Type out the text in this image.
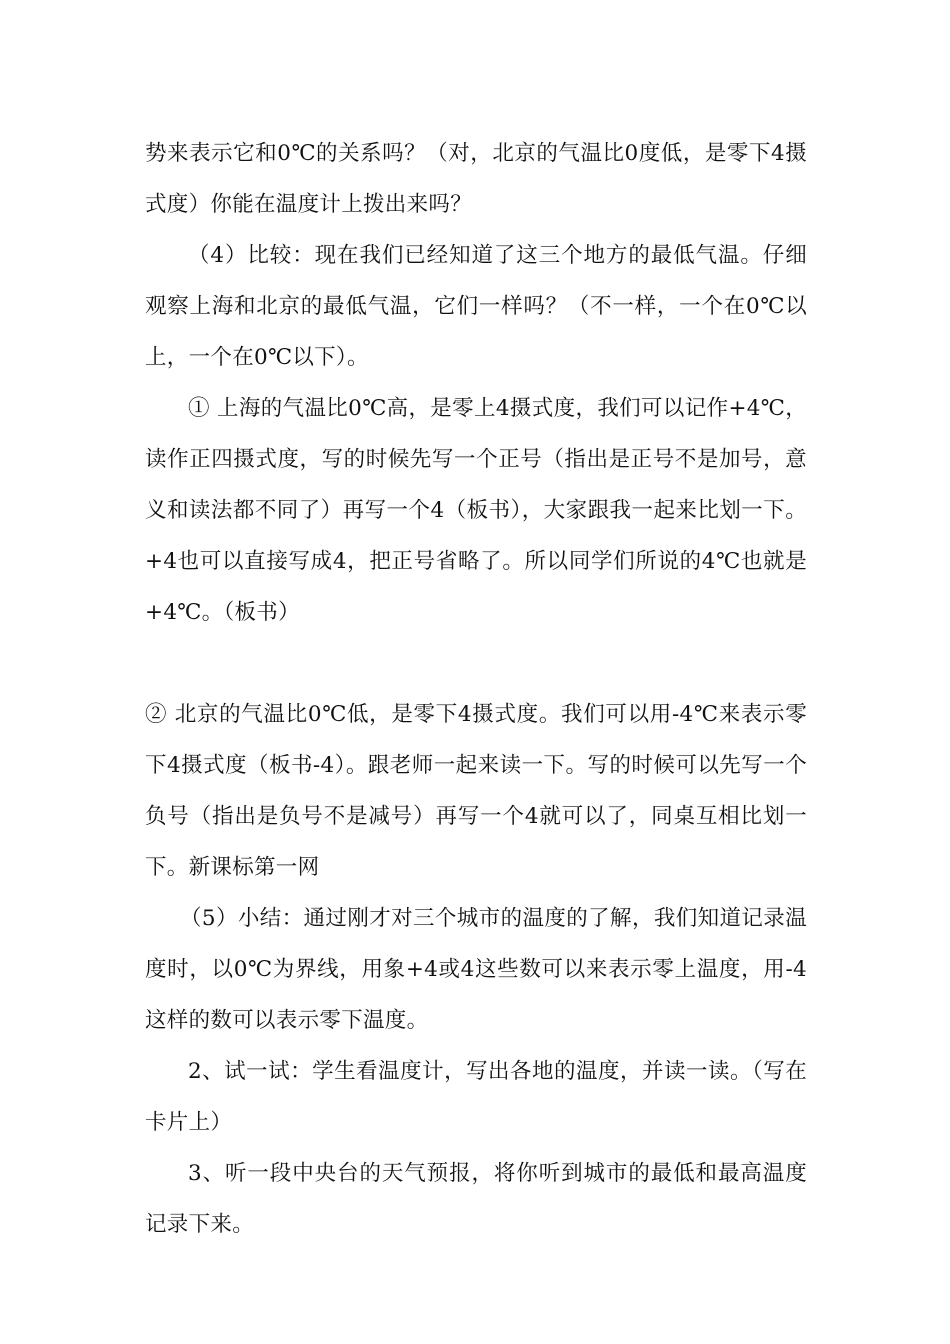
势来表示它和0℃的关系吗？（对，北京的气温比0度低，是零下4摄式度）你能在温度计上拨出来吗？

（4）比较：现在我们已经知道了这三个地方的最低气温。仔细观察上海和北京的最低气温，它们一样吗？（不一样，一个在0℃以上，一个在0℃以下）。

① 上海的气温比0℃高，是零上4摄式度，我们可以记作+4℃，读作正四摄式度，写的时候先写一个正号（指出是正号不是加号，意义和读法都不同了）再写一个4（板书），大家跟我一起来比划一下。+4也可以直接写成4，把正号省略了。所以同学们所说的4℃也就是+4℃。（板书）

② 北京的气温比0℃低，是零下4摄式度。我们可以用-4℃来表示零下4摄式度（板书-4）。跟老师一起来读一下。写的时候可以先写一个负号（指出是负号不是减号）再写一个4就可以了，同桌互相比划一下。新课标第一网

（5）小结：通过刚才对三个城市的温度的了解，我们知道记录温度时，以0℃为界线，用象+4或4这些数可以来表示零上温度，用-4这样的数可以表示零下温度。

2、试一试：学生看温度计，写出各地的温度，并读一读。（写在卡片上）

3、听一段中央台的天气预报，将你听到城市的最低和最高温度记录下来。
